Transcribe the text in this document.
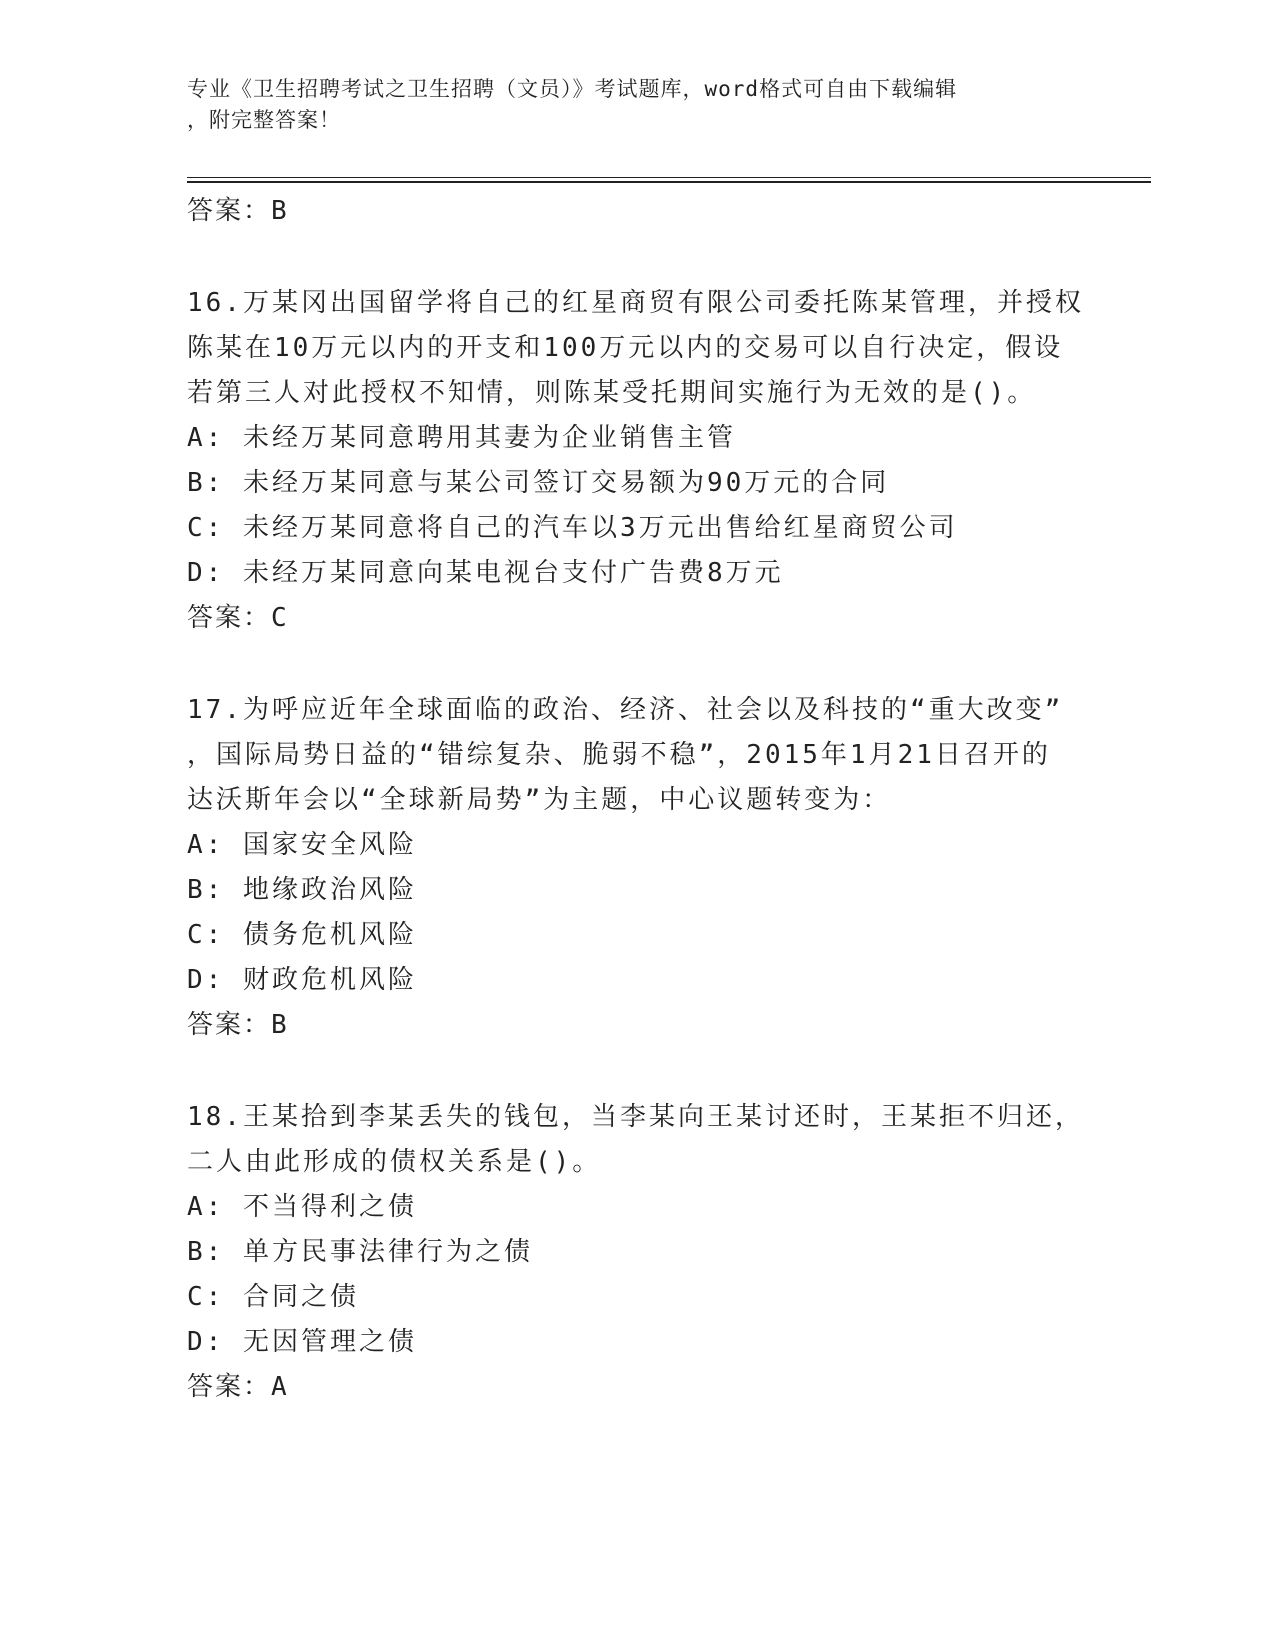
专业《卫生招聘考试之卫生招聘（文员）》考试题库，word格式可自由下载编辑
，附完整答案！
答案：B
16.万某冈出国留学将自己的红星商贸有限公司委托陈某管理，并授权
陈某在10万元以内的开支和100万元以内的交易可以自行决定，假设
若第三人对此授权不知情，则陈某受托期间实施行为无效的是()。
A: 未经万某同意聘用其妻为企业销售主管
B: 未经万某同意与某公司签订交易额为90万元的合同
C: 未经万某同意将自己的汽车以3万元出售给红星商贸公司
D: 未经万某同意向某电视台支付广告费8万元
答案：C
17.为呼应近年全球面临的政治、经济、社会以及科技的“重大改变”
，国际局势日益的“错综复杂、脆弱不稳”，2015年1月21日召开的
达沃斯年会以“全球新局势”为主题，中心议题转变为：
A: 国家安全风险
B: 地缘政治风险
C: 债务危机风险
D: 财政危机风险
答案：B
18.王某拾到李某丢失的钱包，当李某向王某讨还时，王某拒不归还，
二人由此形成的债权关系是()。
A: 不当得利之债
B: 单方民事法律行为之债
C: 合同之债
D: 无因管理之债
答案：A
